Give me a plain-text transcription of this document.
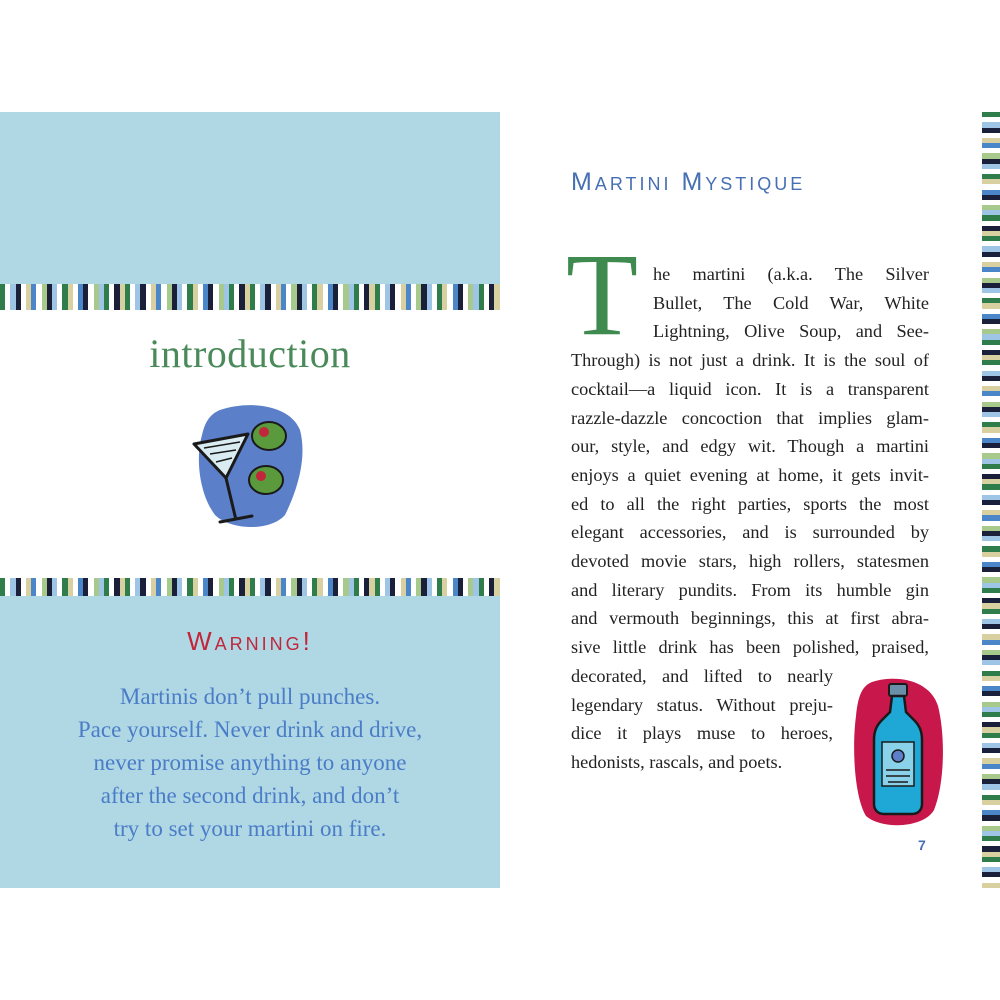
introduction
Warning!
Martinis don’t pull punches.
Pace yourself. Never drink and drive,
never promise anything to anyone
after the second drink, and don’t
try to set your martini on fire.
Martini Mystique
T he martini (a.k.a. The Silver
Bullet, The Cold War, White
Lightning, Olive Soup, and See-
Through) is not just a drink. It is the soul of
cocktail—a liquid icon. It is a transparent
razzle-dazzle concoction that implies glam-
our, style, and edgy wit. Though a martini
enjoys a quiet evening at home, it gets invit-
ed to all the right parties, sports the most
elegant accessories, and is surrounded by
devoted movie stars, high rollers, statesmen
and literary pundits. From its humble gin
and vermouth beginnings, this at first abra-
sive little drink has been polished, praised,
decorated, and lifted to nearly
legendary status. Without preju-
dice it plays muse to heroes,
hedonists, rascals, and poets.
7
